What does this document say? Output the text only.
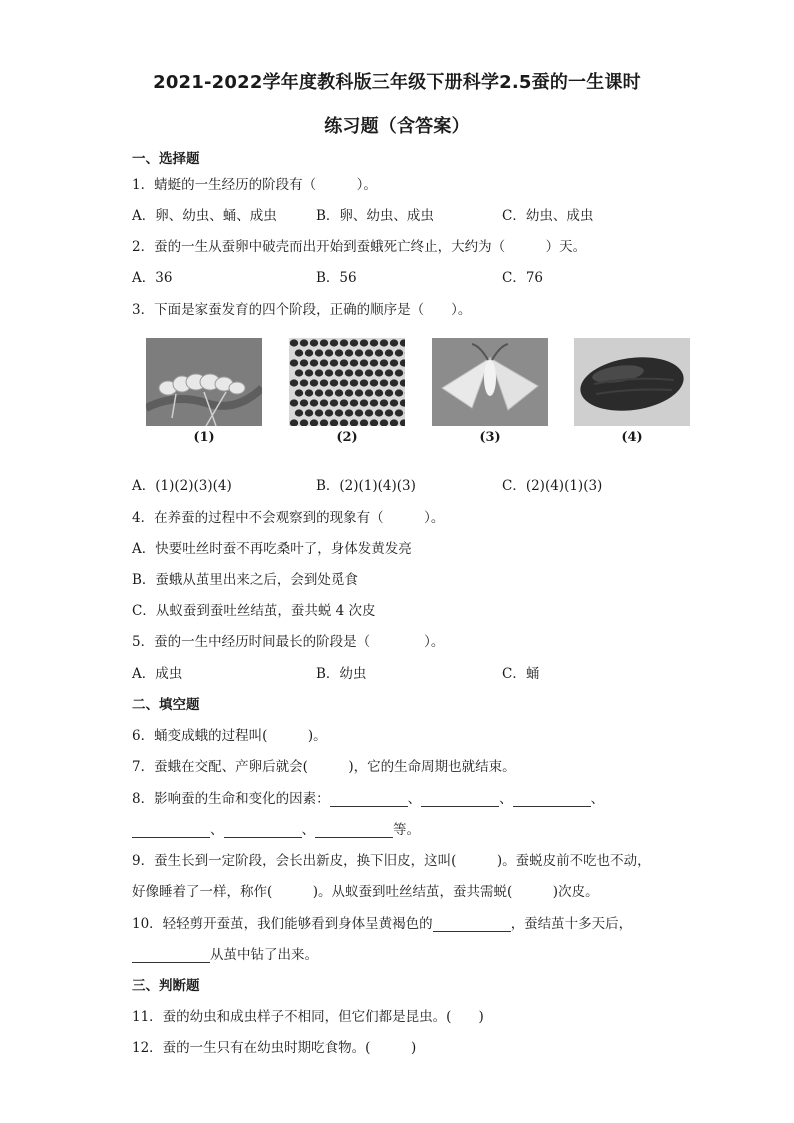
2021-2022学年度教科版三年级下册科学2.5蚕的一生课时
练习题（含答案）
一、选择题
1．蜻蜓的一生经历的阶段有（　　　）。
A．卵、幼虫、蛹、成虫	B．卵、幼虫、成虫	C．幼虫、成虫
2．蚕的一生从蚕卵中破壳而出开始到蚕蛾死亡终止，大约为（　　　）天。
A．36	B．56	C．76
3．下面是家蚕发育的四个阶段，正确的顺序是（　　）。
(1)	(2)	(3)	(4)
A．(1)(2)(3)(4)	B．(2)(1)(4)(3)	C．(2)(4)(1)(3)
4．在养蚕的过程中不会观察到的现象有（　　　）。
A．快要吐丝时蚕不再吃桑叶了，身体发黄发亮
B．蚕蛾从茧里出来之后，会到处觅食
C．从蚁蚕到蚕吐丝结茧，蚕共蜕 4 次皮
5．蚕的一生中经历时间最长的阶段是（　　　　）。
A．成虫	B．幼虫	C．蛹
二、填空题
6．蛹变成蛾的过程叫(　　　)。
7．蚕蛾在交配、产卵后就会(　　　)，它的生命周期也就结束。
8．影响蚕的生命和变化的因素：	、	、	、
、	、	等。
9．蚕生长到一定阶段，会长出新皮，换下旧皮，这叫(　　　)。蚕蜕皮前不吃也不动，
好像睡着了一样，称作(　　　)。从蚁蚕到吐丝结茧，蚕共需蜕(　　　)次皮。
10．轻轻剪开蚕茧，我们能够看到身体呈黄褐色的	，蚕结茧十多天后，
从茧中钻了出来。
三、判断题
11．蚕的幼虫和成虫样子不相同，但它们都是昆虫。(　　)
12．蚕的一生只有在幼虫时期吃食物。(　　　)
